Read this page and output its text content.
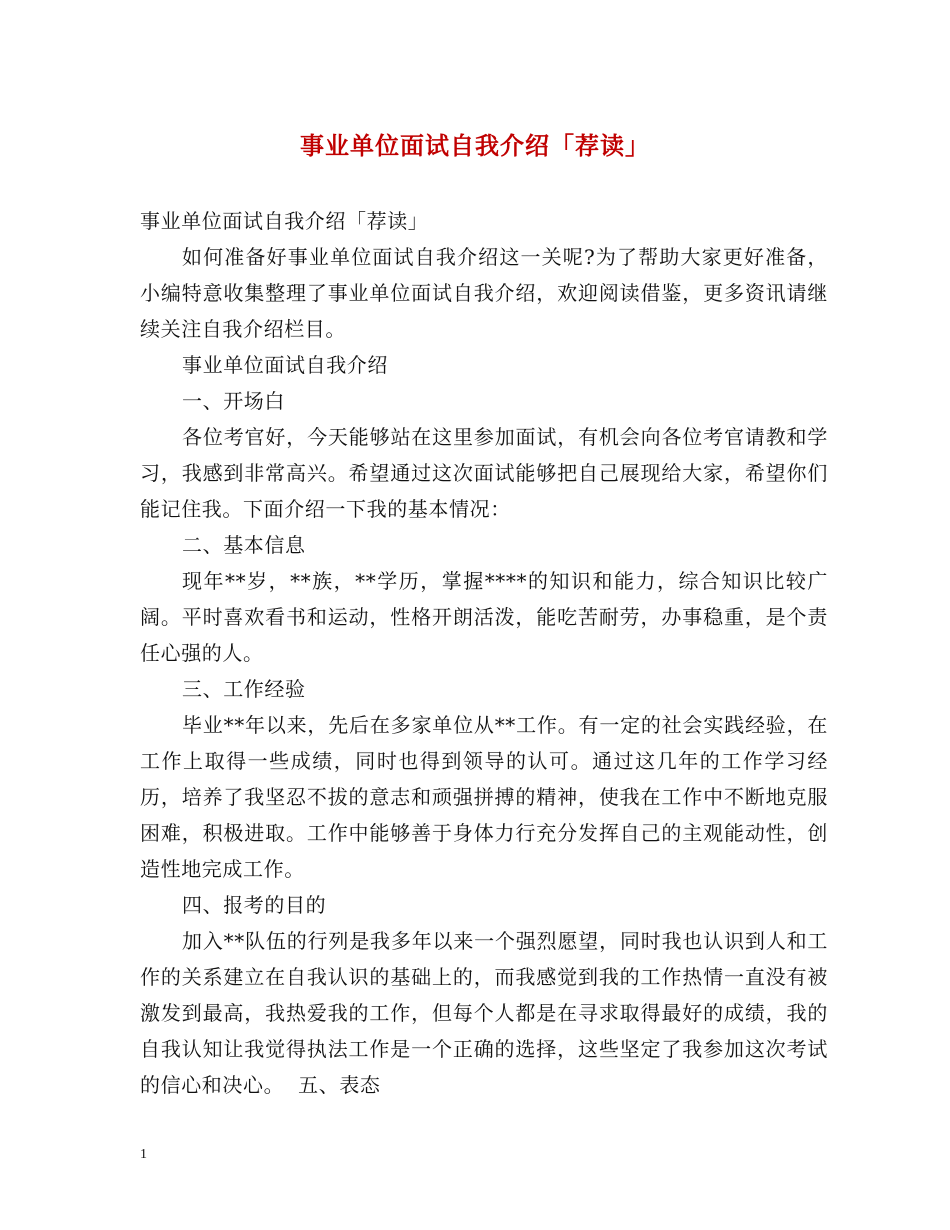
事业单位面试自我介绍「荐读」

事业单位面试自我介绍「荐读」

如何准备好事业单位面试自我介绍这一关呢?为了帮助大家更好准备，小编特意收集整理了事业单位面试自我介绍，欢迎阅读借鉴，更多资讯请继续关注自我介绍栏目。

事业单位面试自我介绍

一、开场白

各位考官好，今天能够站在这里参加面试，有机会向各位考官请教和学习，我感到非常高兴。希望通过这次面试能够把自己展现给大家，希望你们能记住我。下面介绍一下我的基本情况：

二、基本信息

现年**岁，**族，**学历，掌握****的知识和能力，综合知识比较广阔。平时喜欢看书和运动，性格开朗活泼，能吃苦耐劳，办事稳重，是个责任心强的人。

三、工作经验

毕业**年以来，先后在多家单位从**工作。有一定的社会实践经验，在工作上取得一些成绩，同时也得到领导的认可。通过这几年的工作学习经历，培养了我坚忍不拔的意志和顽强拼搏的精神，使我在工作中不断地克服困难，积极进取。工作中能够善于身体力行充分发挥自己的主观能动性，创造性地完成工作。

四、报考的目的

加入**队伍的行列是我多年以来一个强烈愿望，同时我也认识到人和工作的关系建立在自我认识的基础上的，而我感觉到我的工作热情一直没有被激发到最高，我热爱我的工作，但每个人都是在寻求取得最好的成绩，我的自我认知让我觉得执法工作是一个正确的选择，这些坚定了我参加这次考试的信心和决心。  五、表态

1
